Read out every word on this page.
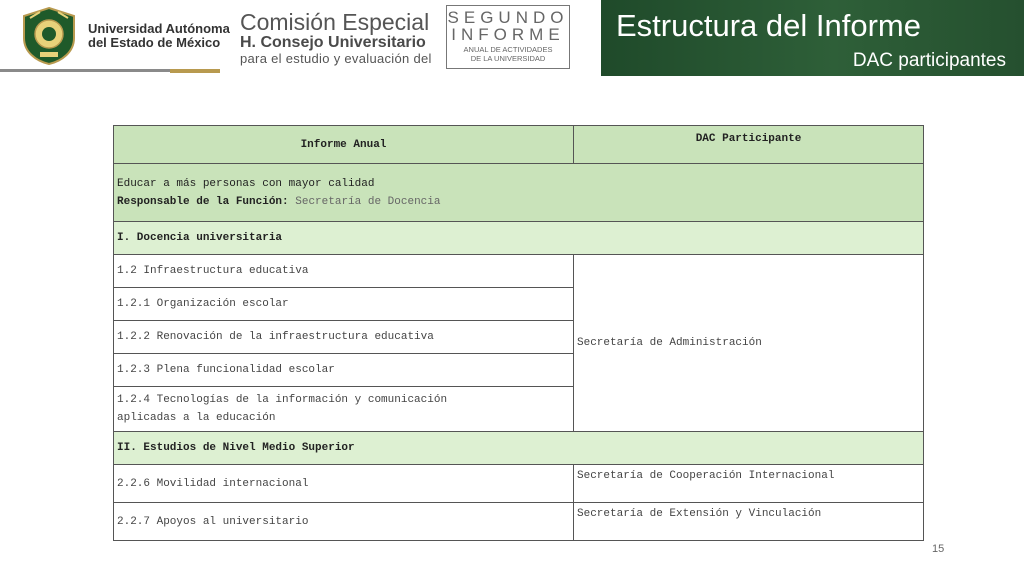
Universidad Autónoma
del Estado de México
Comisión Especial
H. Consejo Universitario
para el estudio y evaluación del
SEGUNDO
INFORME
ANUAL DE ACTIVIDADES
DE LA UNIVERSIDAD
Estructura del Informe
DAC participantes
Informe Anual	DAC Participante

Educar a más personas con mayor calidad
Responsable de la Función: Secretaría de Docencia	

I. Docencia universitaria	
1.2 Infraestructura educativa	Secretaría de Administración
1.2.1 Organización escolar	
1.2.2 Renovación de la infraestructura educativa	
1.2.3 Plena funcionalidad escolar	

1.2.4 Tecnologías de la información y comunicación
aplicadas a la educación	

II. Estudios de Nivel Medio Superior	
2.2.6 Movilidad internacional	Secretaría de Cooperación Internacional
2.2.7 Apoyos al universitario	Secretaría de Extensión y Vinculación
15
